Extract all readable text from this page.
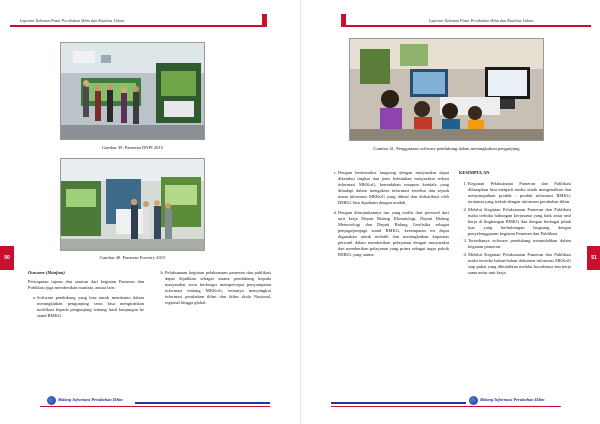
Laporan Tahunan Pusat Perubahan Iklim dan Kualitas Udara
Gambar 39. Pameran DNPI 2015
Gambar 40. Pameran Forestry 2015
Outcome (Manfaat)

Pencapaian tujuan dan sasaran dari kegiatan Pameran dan Publikasi juga memberikan manfaat, antara lain :

a. Software pendukung yang bisa untuk membantu dalam meningkatkan pengunjung serta bisa mengirimkan notifikasi kepada pengunjung tentang hasil kunjungan ke stand BMKG.
b. Pelaksanaan kegiatan pelaksanaan pameran dan publikasi dapat dijadikan sebagai sarana pendukung kepada masyarakat serta berfungsi mempercepat penyampaian informasi tentang MKKuG, tentunya menyangkut informasi perubahan iklim dan iklim skala Nasional, regional hingga global.
50
Bidang Informasi Perubahan Iklim
Laporan Tahunan Pusat Perubahan Iklim dan Kualitas Udara
Gambar 41. Penggunaan software pendukung dalam meningkatkan pengunjung
c. Dengan berinteraksi langsung dengan masyarakat dapat diketahui tingkat dan jenis kebutuhan masyarakat terkait informasi MKKuG, kemudahan maupun kendala yang dihadapi dalam mengakses informasi tersebut dan sejauh mana informasi MKKuG yang dibuat dan didistribusi oleh BMKG bisa dipahami dengan mudah.
d. Dengan diturjunkannya tim yang terdiri dari personel dari unit kerja Deputi Bidang Klimatologi, Deputi Bidang Meteorologi dan Deputi Bidang Geofisika sebagai penjaga/penjaga stand BMKG, kesempatan ini dapat digunakan untuk melatih dan meningkatkan kapasitas personil dalam memberikan pelayanan dengan masyarakat dan memberikan pelayanan yang prima sebagai tugas pokok BMKG yang utama.
KESIMPULAN
1. Kegiatan Pelaksanaan Pameran dan Publikasi diharapkan bisa menjadi media untuk mengenalkan dan menyampaikan produk - produk informasi BMKG, terutama yang terkait dengan informasi perubahan iklim.
2. Melalui Kegiatan Pelaksanaan Pameran dan Publikasi maka terbuka hubungan kerjasama yang baik antar unit kerja di lingkungan BMKG dan dengan berbagai pihak luar yang berhubungan langsung dengan penyelenggaraan kegiatan Pameran dan Publikasi.
3. Tersedianya software pendukung memudahkan dalam kegiatan pameran.
4. Melalui Kegiatan Pelaksanaan Pameran dan Publikasi maka tersedia bahan-bahan dokumen informasi MKKuG siap pakai yang dibutuhkan melalui koordinasi dan kerja sama antar unit kerja.
51
Bidang Informasi Perubahan Iklim
